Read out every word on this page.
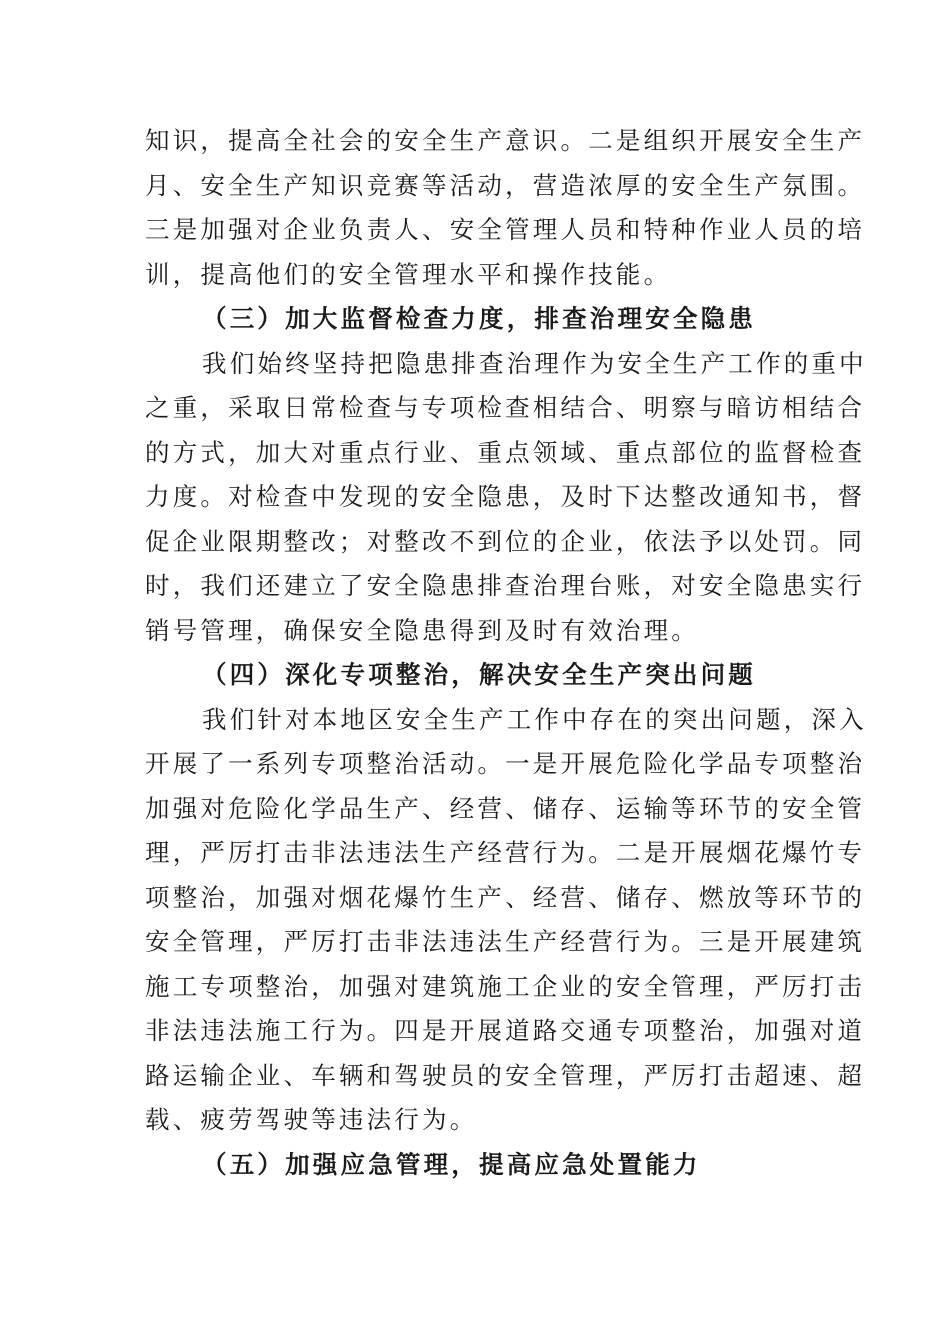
知识，提高全社会的安全生产意识。二是组织开展安全生产
月、安全生产知识竞赛等活动，营造浓厚的安全生产氛围。
三是加强对企业负责人、安全管理人员和特种作业人员的培
训，提高他们的安全管理水平和操作技能。
（三）加大监督检查力度，排查治理安全隐患
我们始终坚持把隐患排查治理作为安全生产工作的重中
之重，采取日常检查与专项检查相结合、明察与暗访相结合
的方式，加大对重点行业、重点领域、重点部位的监督检查
力度。对检查中发现的安全隐患，及时下达整改通知书，督
促企业限期整改；对整改不到位的企业，依法予以处罚。同
时，我们还建立了安全隐患排查治理台账，对安全隐患实行
销号管理，确保安全隐患得到及时有效治理。
（四）深化专项整治，解决安全生产突出问题
我们针对本地区安全生产工作中存在的突出问题，深入
开展了一系列专项整治活动。一是开展危险化学品专项整治
加强对危险化学品生产、经营、储存、运输等环节的安全管
理，严厉打击非法违法生产经营行为。二是开展烟花爆竹专
项整治，加强对烟花爆竹生产、经营、储存、燃放等环节的
安全管理，严厉打击非法违法生产经营行为。三是开展建筑
施工专项整治，加强对建筑施工企业的安全管理，严厉打击
非法违法施工行为。四是开展道路交通专项整治，加强对道
路运输企业、车辆和驾驶员的安全管理，严厉打击超速、超
载、疲劳驾驶等违法行为。
（五）加强应急管理，提高应急处置能力
